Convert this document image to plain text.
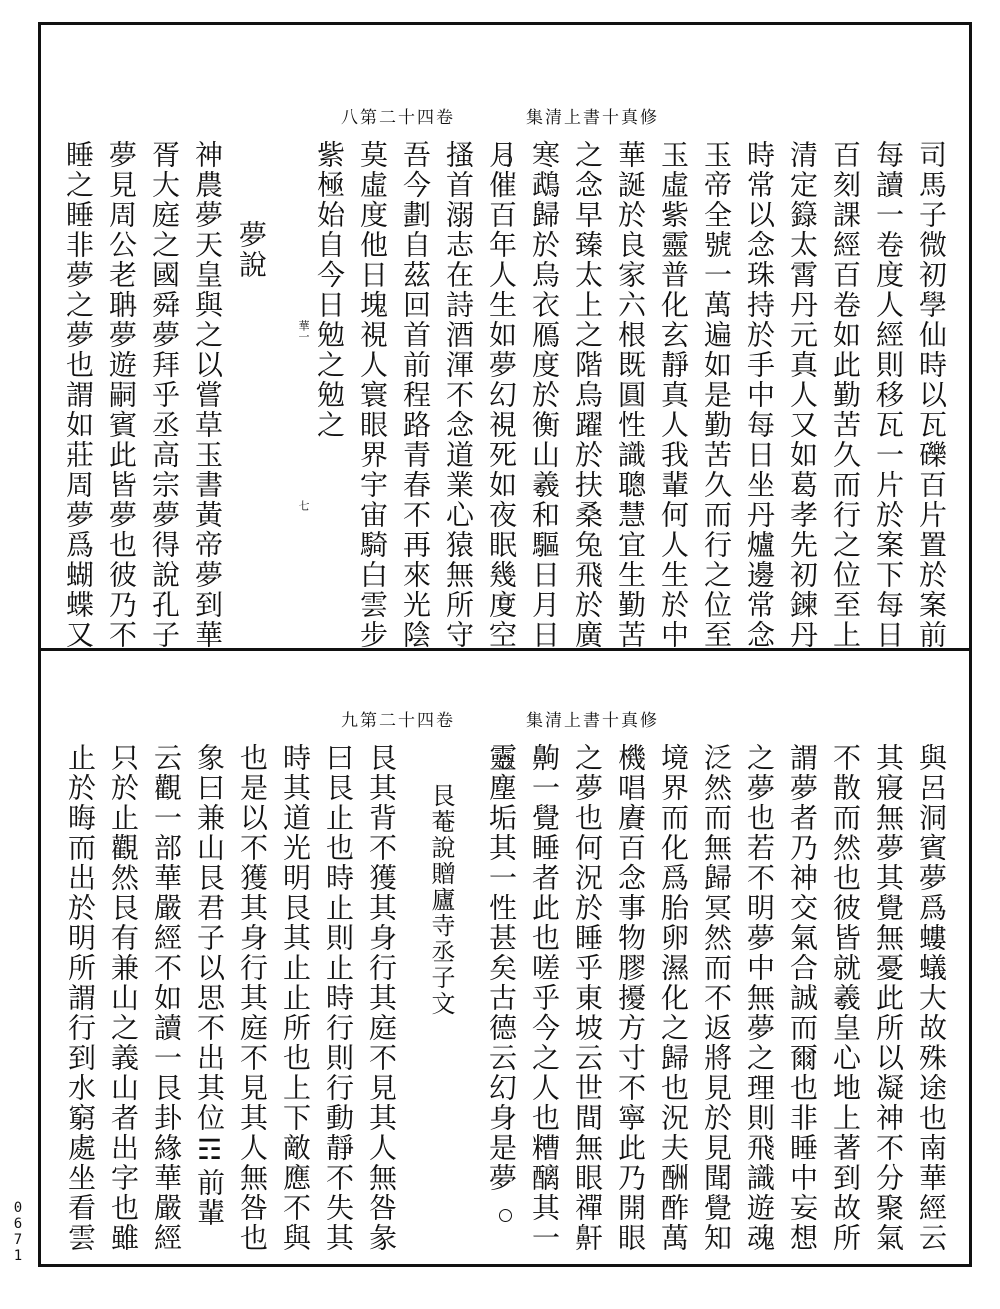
八第二十四卷	集清上書十真修
司馬子微初學仙時以瓦礫百片置於案前
每讀一卷度人經則移瓦一片於案下每日
百刻課經百卷如此勤苦久而行之位至上
清定籙太霄丹元真人又如葛孝先初鍊丹
時常以念珠持於手中每日坐丹爐邊常念
玉帝全號一萬遍如是勤苦久而行之位至
玉虛紫靈普化玄靜真人我輩何人生於中
華誕於良家六根既圓性識聰慧宜生勤苦
之念早臻太上之階烏躍於扶桑兔飛於廣
寒鵡歸於烏衣鴈度於衡山羲和驅日月日
月催百年人生如夢幻視死如夜眠幾度空
搔首溺志在詩酒渾不念道業心猿無所守
吾今劃自茲回首前程路青春不再來光陰
莫虛度他日塊視人寰眼界宇宙騎白雲步
紫極始自今日勉之勉之
夢說
神農夢天皇與之以嘗草玉書黃帝夢到華
胥大庭之國舜夢拜乎丞高宗夢得說孔子
夢見周公老聃夢遊嗣賓此皆夢也彼乃不
睡之睡非夢之夢也謂如莊周夢爲蝴蝶又	華一
七
九第二十四卷	集清上書十真修
與呂洞賓夢爲螻蟻大故殊途也南華經云
其寢無夢其覺無憂此所以凝神不分聚氣
不散而然也彼皆就羲皇心地上著到故所
謂夢者乃神交氣合誠而爾也非睡中妄想
之夢也若不明夢中無夢之理則飛識遊魂
泛然而無歸冥然而不返將見於見聞覺知
境界而化爲胎卵濕化之歸也況夫酬酢萬
機唱賡百念事物膠擾方寸不寧此乃開眼
之夢也何況於睡乎東坡云世間無眼禪鼾
齁一覺睡者此也嗟乎今之人也糟醨其一
靈塵垢其一性甚矣古德云幻身是夢
艮菴說贈廬寺丞子文
艮其背不獲其身行其庭不見其人無咎彖
曰艮止也時止則止時行則行動靜不失其
時其道光明艮其止止所也上下敵應不與
也是以不獲其身行其庭不見其人無咎也
象曰兼山艮君子以思不出其位☶前輩
云觀一部華嚴經不如讀一艮卦緣華嚴經
只於止觀然艮有兼山之義山者出字也雖
止於晦而出於明所謂行到水窮處坐看雲
0671
